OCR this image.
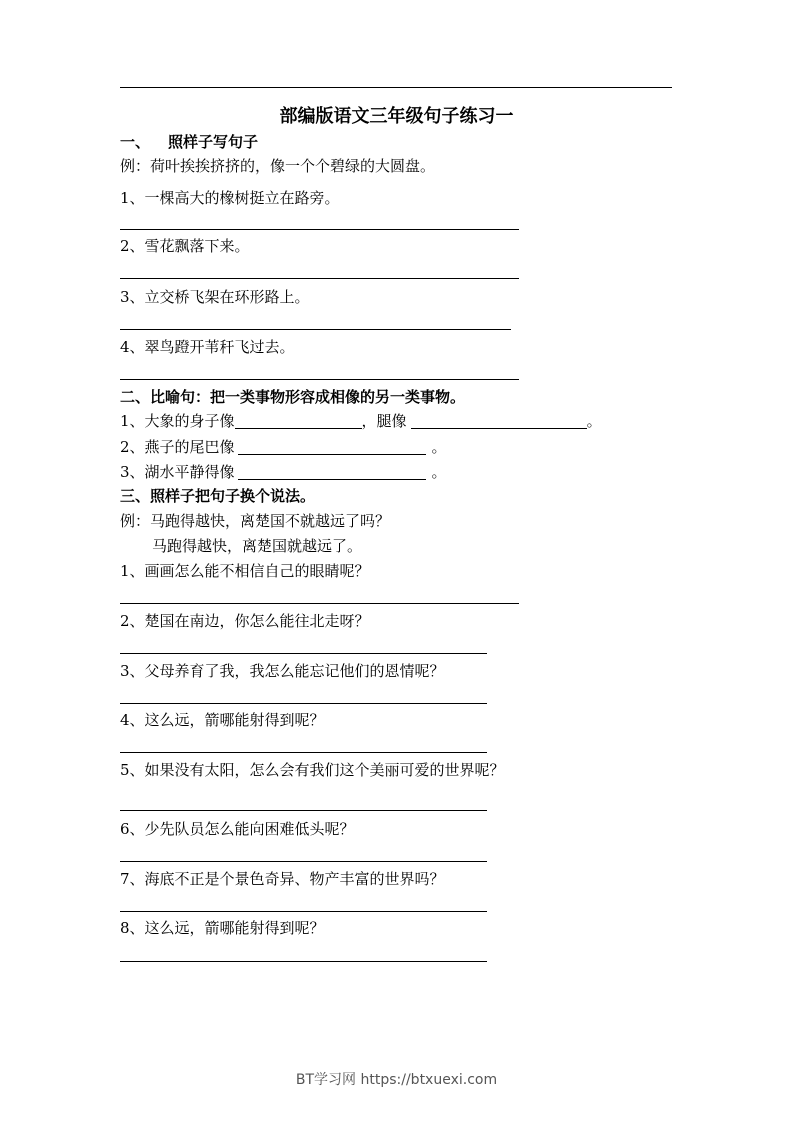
部编版语文三年级句子练习一
一、 照样子写句子
例：荷叶挨挨挤挤的，像一个个碧绿的大圆盘。
1、一棵高大的橡树挺立在路旁。
2、雪花飘落下来。
3、立交桥飞架在环形路上。
4、翠鸟蹬开苇秆飞过去。
二、比喻句：把一类事物形容成相像的另一类事物。
1、大象的身子像	，腿像	。
2、燕子的尾巴像	。
3、湖水平静得像	。
三、照样子把句子换个说法。
例：马跑得越快，离楚国不就越远了吗？
马跑得越快，离楚国就越远了。
1、画画怎么能不相信自己的眼睛呢？
2、楚国在南边，你怎么能往北走呀？
3、父母养育了我，我怎么能忘记他们的恩情呢？
4、这么远，箭哪能射得到呢？
5、如果没有太阳，怎么会有我们这个美丽可爱的世界呢？
6、少先队员怎么能向困难低头呢？
7、海底不正是个景色奇异、物产丰富的世界吗？
8、这么远，箭哪能射得到呢？
BT学习网 https://btxuexi.com
